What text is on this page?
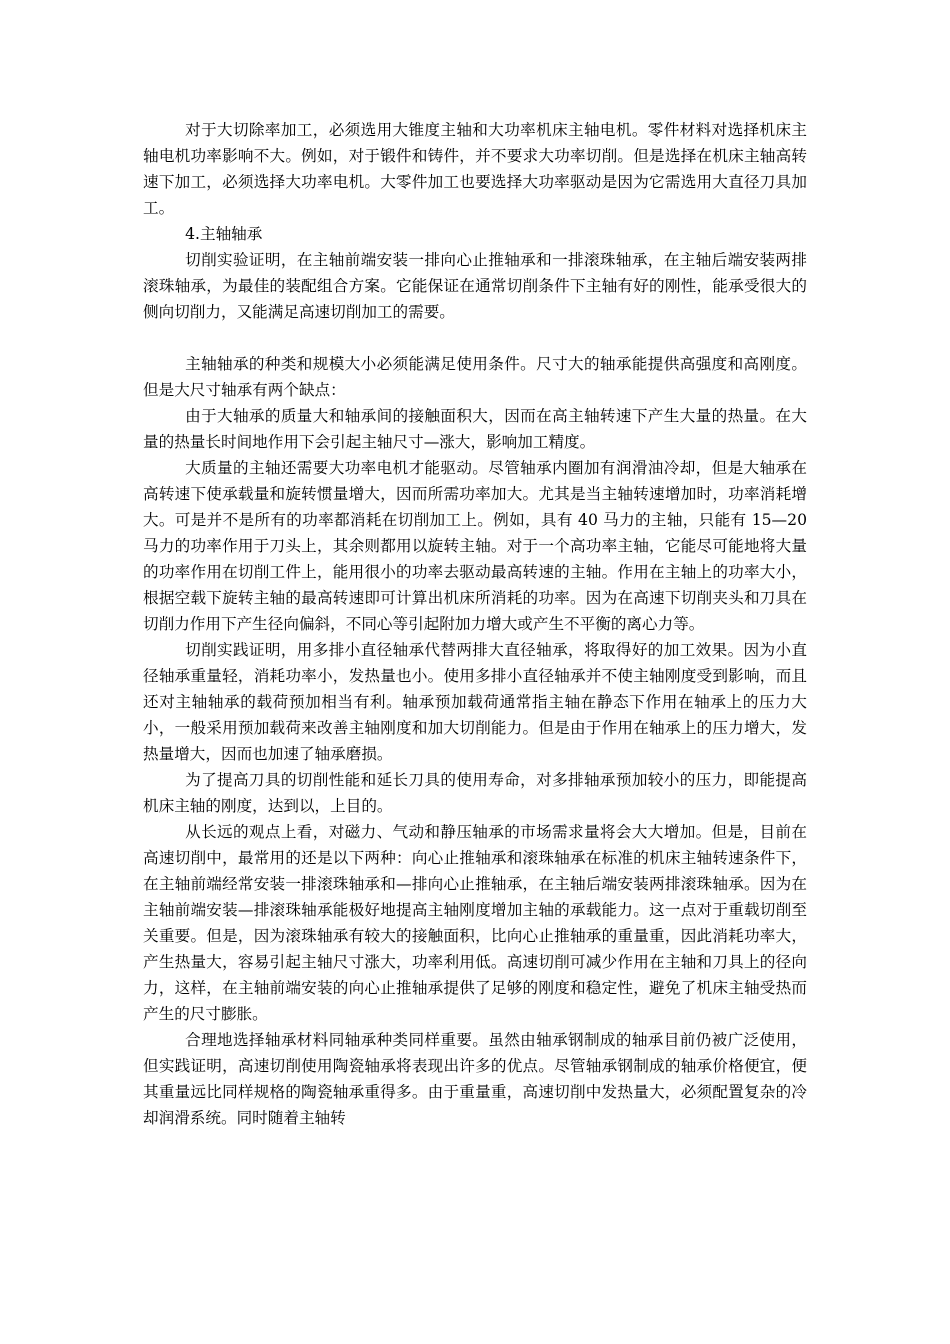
对于大切除率加工，必须选用大锥度主轴和大功率机床主轴电机。零件材料对选择机床主轴电机功率影响不大。例如，对于锻件和铸件，并不要求大功率切削。但是选择在机床主轴高转速下加工，必须选择大功率电机。大零件加工也要选择大功率驱动是因为它需选用大直径刀具加工。

4.主轴轴承

切削实验证明，在主轴前端安装一排向心止推轴承和一排滚珠轴承，在主轴后端安装两排滚珠轴承，为最佳的装配组合方案。它能保证在通常切削条件下主轴有好的刚性，能承受很大的侧向切削力，又能满足高速切削加工的需要。

主轴轴承的种类和规模大小必须能满足使用条件。尺寸大的轴承能提供高强度和高刚度。但是大尺寸轴承有两个缺点：

由于大轴承的质量大和轴承间的接触面积大，因而在高主轴转速下产生大量的热量。在大量的热量长时间地作用下会引起主轴尺寸—涨大，影响加工精度。

大质量的主轴还需要大功率电机才能驱动。尽管轴承内圈加有润滑油冷却，但是大轴承在高转速下使承载量和旋转惯量增大，因而所需功率加大。尤其是当主轴转速增加时，功率消耗增大。可是并不是所有的功率都消耗在切削加工上。例如，具有 40 马力的主轴，只能有 15—20 马力的功率作用于刀头上，其余则都用以旋转主轴。对于一个高功率主轴，它能尽可能地将大量的功率作用在切削工件上，能用很小的功率去驱动最高转速的主轴。作用在主轴上的功率大小，根据空载下旋转主轴的最高转速即可计算出机床所消耗的功率。因为在高速下切削夹头和刀具在切削力作用下产生径向偏斜，不同心等引起附加力增大或产生不平衡的离心力等。

切削实践证明，用多排小直径轴承代替两排大直径轴承，将取得好的加工效果。因为小直径轴承重量轻，消耗功率小，发热量也小。使用多排小直径轴承并不使主轴刚度受到影响，而且还对主轴轴承的载荷预加相当有利。轴承预加载荷通常指主轴在静态下作用在轴承上的压力大小，一般采用预加载荷来改善主轴刚度和加大切削能力。但是由于作用在轴承上的压力增大，发热量增大，因而也加速了轴承磨损。

为了提高刀具的切削性能和延长刀具的使用寿命，对多排轴承预加较小的压力，即能提高机床主轴的刚度，达到以，上目的。

从长远的观点上看，对磁力、气动和静压轴承的市场需求量将会大大增加。但是，目前在高速切削中，最常用的还是以下两种：向心止推轴承和滚珠轴承在标准的机床主轴转速条件下，在主轴前端经常安装一排滚珠轴承和—排向心止推轴承，在主轴后端安装两排滚珠轴承。因为在主轴前端安装—排滚珠轴承能极好地提高主轴刚度增加主轴的承载能力。这一点对于重载切削至关重要。但是，因为滚珠轴承有较大的接触面积，比向心止推轴承的重量重，因此消耗功率大，产生热量大，容易引起主轴尺寸涨大，功率利用低。高速切削可减少作用在主轴和刀具上的径向力，这样，在主轴前端安装的向心止推轴承提供了足够的刚度和稳定性，避免了机床主轴受热而产生的尺寸膨胀。

合理地选择轴承材料同轴承种类同样重要。虽然由轴承钢制成的轴承目前仍被广泛使用，但实践证明，高速切削使用陶瓷轴承将表现出许多的优点。尽管轴承钢制成的轴承价格便宜，便其重量远比同样规格的陶瓷轴承重得多。由于重量重，高速切削中发热量大，必须配置复杂的冷却润滑系统。同时随着主轴转
